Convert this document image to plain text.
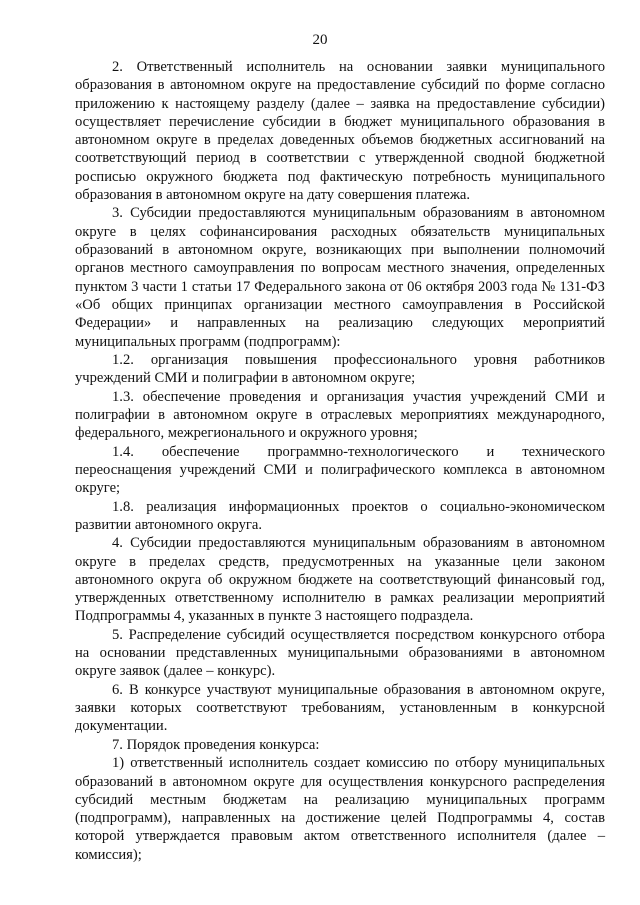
20

2. Ответственный исполнитель на основании заявки муниципального образования в автономном округе на предоставление субсидий по форме согласно приложению к настоящему разделу (далее – заявка на предоставление субсидии) осуществляет перечисление субсидии в бюджет муниципального образования в автономном округе в пределах доведенных объемов бюджетных ассигнований на соответствующий период в соответствии с утвержденной сводной бюджетной росписью окружного бюджета под фактическую потребность муниципального образования в автономном округе на дату совершения платежа.

3. Субсидии предоставляются муниципальным образованиям в автономном округе в целях софинансирования расходных обязательств муниципальных образований в автономном округе, возникающих при выполнении полномочий органов местного самоуправления по вопросам местного значения, определенных пунктом 3 части 1 статьи 17 Федерального закона от 06 октября 2003 года № 131-ФЗ «Об общих принципах организации местного самоуправления в Российской Федерации» и направленных на реализацию следующих мероприятий муниципальных программ (подпрограмм):

1.2. организация повышения профессионального уровня работников учреждений СМИ и полиграфии в автономном округе;

1.3. обеспечение проведения и организация участия учреждений СМИ и полиграфии в автономном округе в отраслевых мероприятиях международного, федерального, межрегионального и окружного уровня;

1.4. обеспечение программно-технологического и технического переоснащения учреждений СМИ и полиграфического комплекса в автономном округе;

1.8. реализация информационных проектов о социально-экономическом развитии автономного округа.

4. Субсидии предоставляются муниципальным образованиям в автономном округе в пределах средств, предусмотренных на указанные цели законом автономного округа об окружном бюджете на соответствующий финансовый год, утвержденных ответственному исполнителю в рамках реализации мероприятий Подпрограммы 4, указанных в пункте 3 настоящего подраздела.

5. Распределение субсидий осуществляется посредством конкурсного отбора на основании представленных муниципальными образованиями в автономном округе заявок (далее – конкурс).

6. В конкурсе участвуют муниципальные образования в автономном округе, заявки которых соответствуют требованиям, установленным в конкурсной документации.

7. Порядок проведения конкурса:

1) ответственный исполнитель создает комиссию по отбору муниципальных образований в автономном округе для осуществления конкурсного распределения субсидий местным бюджетам на реализацию муниципальных программ (подпрограмм), направленных на достижение целей Подпрограммы 4, состав которой утверждается правовым актом ответственного исполнителя (далее – комиссия);
